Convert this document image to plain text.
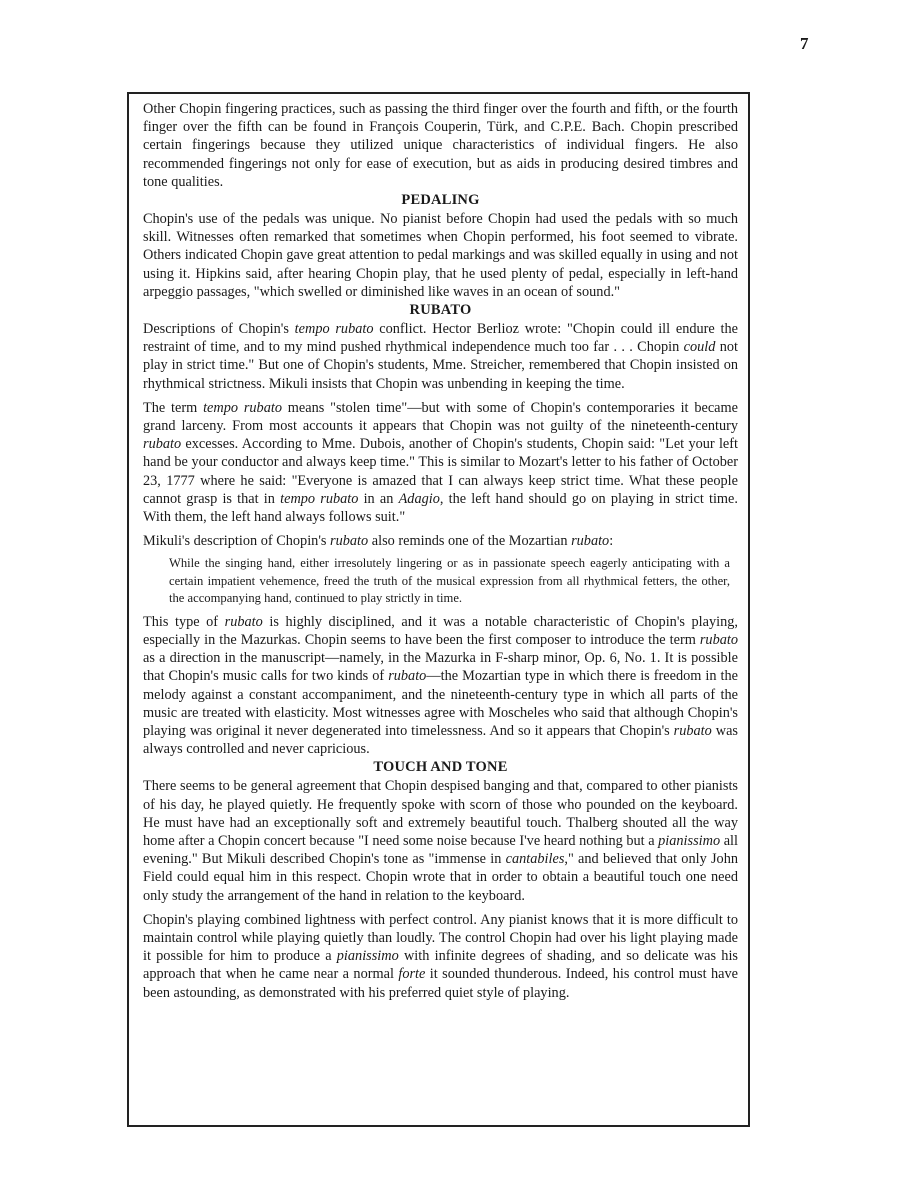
7

Other Chopin fingering practices, such as passing the third finger over the fourth and fifth, or the fourth finger over the fifth can be found in François Couperin, Türk, and C.P.E. Bach. Chopin prescribed certain fingerings because they utilized unique characteristics of individual fingers. He also recommended fingerings not only for ease of execution, but as aids in producing desired timbres and tone qualities.

PEDALING

Chopin's use of the pedals was unique. No pianist before Chopin had used the pedals with so much skill. Witnesses often remarked that sometimes when Chopin performed, his foot seemed to vibrate. Others indicated Chopin gave great attention to pedal markings and was skilled equally in using and not using it. Hipkins said, after hearing Chopin play, that he used plenty of pedal, especially in left-hand arpeggio passages, "which swelled or diminished like waves in an ocean of sound."

RUBATO

Descriptions of Chopin's tempo rubato conflict. Hector Berlioz wrote: "Chopin could ill endure the restraint of time, and to my mind pushed rhythmical independence much too far . . . Chopin could not play in strict time." But one of Chopin's students, Mme. Streicher, remembered that Chopin insisted on rhythmical strictness. Mikuli insists that Chopin was unbending in keeping the time.

The term tempo rubato means "stolen time"—but with some of Chopin's contemporaries it became grand larceny. From most accounts it appears that Chopin was not guilty of the nineteenth-century rubato excesses. According to Mme. Dubois, another of Chopin's students, Chopin said: "Let your left hand be your conductor and always keep time." This is similar to Mozart's letter to his father of October 23, 1777 where he said: "Everyone is amazed that I can always keep strict time. What these people cannot grasp is that in tempo rubato in an Adagio, the left hand should go on playing in strict time. With them, the left hand always follows suit."

Mikuli's description of Chopin's rubato also reminds one of the Mozartian rubato:

While the singing hand, either irresolutely lingering or as in passionate speech eagerly anticipating with a certain impatient vehemence, freed the truth of the musical expression from all rhythmical fetters, the other, the accompanying hand, continued to play strictly in time.

This type of rubato is highly disciplined, and it was a notable characteristic of Chopin's playing, especially in the Mazurkas. Chopin seems to have been the first composer to introduce the term rubato as a direction in the manuscript—namely, in the Mazurka in F-sharp minor, Op. 6, No. 1. It is possible that Chopin's music calls for two kinds of rubato—the Mozartian type in which there is freedom in the melody against a constant accompaniment, and the nineteenth-century type in which all parts of the music are treated with elasticity. Most witnesses agree with Moscheles who said that although Chopin's playing was original it never degenerated into timelessness. And so it appears that Chopin's rubato was always controlled and never capricious.

TOUCH AND TONE

There seems to be general agreement that Chopin despised banging and that, compared to other pianists of his day, he played quietly. He frequently spoke with scorn of those who pounded on the keyboard. He must have had an exceptionally soft and extremely beautiful touch. Thalberg shouted all the way home after a Chopin concert because "I need some noise because I've heard nothing but a pianissimo all evening." But Mikuli described Chopin's tone as "immense in cantabiles," and believed that only John Field could equal him in this respect. Chopin wrote that in order to obtain a beautiful touch one need only study the arrangement of the hand in relation to the keyboard.

Chopin's playing combined lightness with perfect control. Any pianist knows that it is more difficult to maintain control while playing quietly than loudly. The control Chopin had over his light playing made it possible for him to produce a pianissimo with infinite degrees of shading, and so delicate was his approach that when he came near a normal forte it sounded thunderous. Indeed, his control must have been astounding, as demonstrated with his preferred quiet style of playing.
